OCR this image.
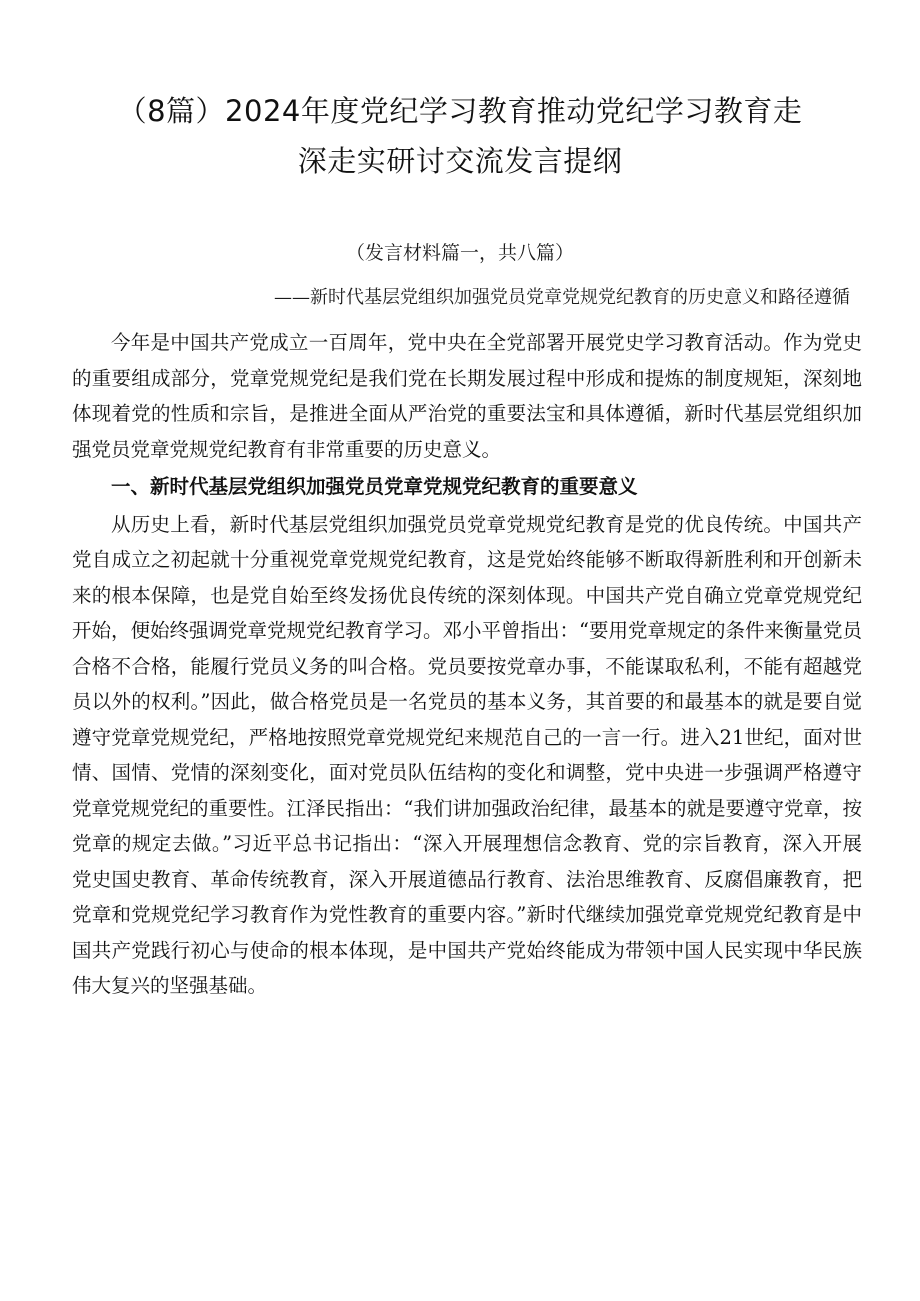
（8篇）2024年度党纪学习教育推动党纪学习教育走
深走实研讨交流发言提纲
（发言材料篇一，共八篇）
——新时代基层党组织加强党员党章党规党纪教育的历史意义和路径遵循

今年是中国共产党成立一百周年，党中央在全党部署开展党史学习教育活动。作为党史的重要组成部分，党章党规党纪是我们党在长期发展过程中形成和提炼的制度规矩，深刻地体现着党的性质和宗旨，是推进全面从严治党的重要法宝和具体遵循，新时代基层党组织加强党员党章党规党纪教育有非常重要的历史意义。

一、新时代基层党组织加强党员党章党规党纪教育的重要意义

从历史上看，新时代基层党组织加强党员党章党规党纪教育是党的优良传统。中国共产党自成立之初起就十分重视党章党规党纪教育，这是党始终能够不断取得新胜利和开创新未来的根本保障，也是党自始至终发扬优良传统的深刻体现。中国共产党自确立党章党规党纪开始，便始终强调党章党规党纪教育学习。邓小平曾指出：“要用党章规定的条件来衡量党员合格不合格，能履行党员义务的叫合格。党员要按党章办事，不能谋取私利，不能有超越党员以外的权利。”因此，做合格党员是一名党员的基本义务，其首要的和最基本的就是要自觉遵守党章党规党纪，严格地按照党章党规党纪来规范自己的一言一行。进入21世纪，面对世情、国情、党情的深刻变化，面对党员队伍结构的变化和调整，党中央进一步强调严格遵守党章党规党纪的重要性。江泽民指出：“我们讲加强政治纪律，最基本的就是要遵守党章，按党章的规定去做。”习近平总书记指出：“深入开展理想信念教育、党的宗旨教育，深入开展党史国史教育、革命传统教育，深入开展道德品行教育、法治思维教育、反腐倡廉教育，把党章和党规党纪学习教育作为党性教育的重要内容。”新时代继续加强党章党规党纪教育是中国共产党践行初心与使命的根本体现，是中国共产党始终能成为带领中国人民实现中华民族伟大复兴的坚强基础。
